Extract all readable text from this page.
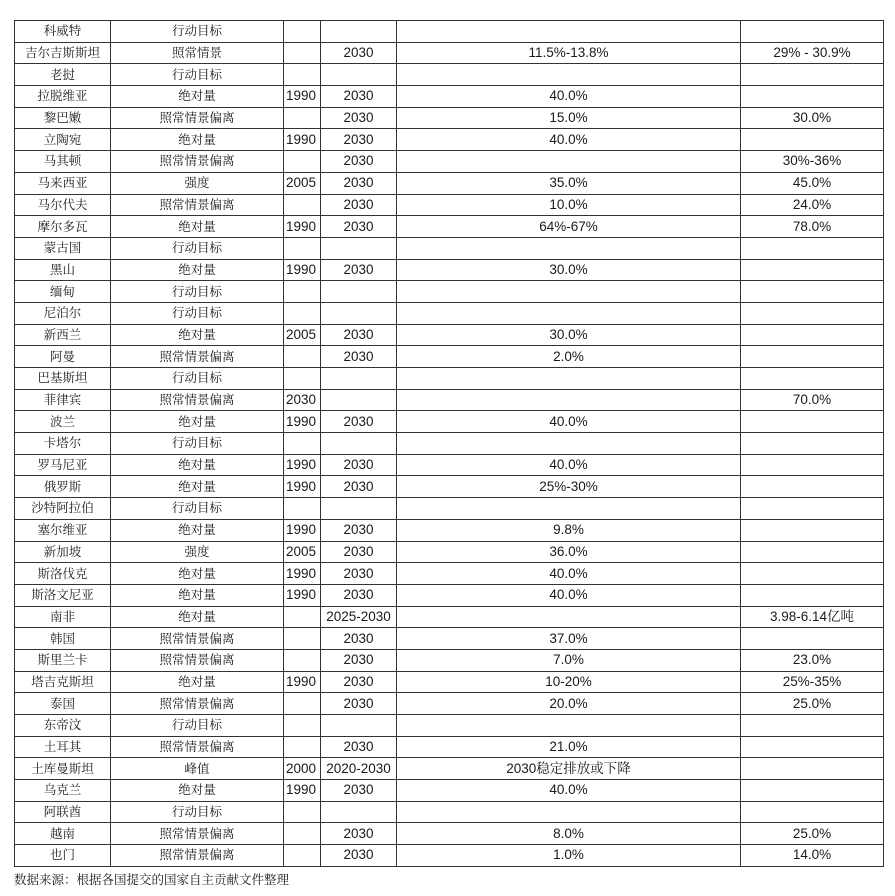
科威特	行动目标				
吉尔吉斯斯坦	照常情景		2030	11.5%-13.8%	29% - 30.9%
老挝	行动目标				
拉脱维亚	绝对量	1990	2030	40.0%	
黎巴嫩	照常情景偏离		2030	15.0%	30.0%
立陶宛	绝对量	1990	2030	40.0%	
马其顿	照常情景偏离		2030		30%-36%
马来西亚	强度	2005	2030	35.0%	45.0%
马尔代夫	照常情景偏离		2030	10.0%	24.0%
摩尔多瓦	绝对量	1990	2030	64%-67%	78.0%
蒙古国	行动目标				
黑山	绝对量	1990	2030	30.0%	
缅甸	行动目标				
尼泊尔	行动目标				
新西兰	绝对量	2005	2030	30.0%	
阿曼	照常情景偏离		2030	2.0%	
巴基斯坦	行动目标				
菲律宾	照常情景偏离	2030			70.0%
波兰	绝对量	1990	2030	40.0%	
卡塔尔	行动目标				
罗马尼亚	绝对量	1990	2030	40.0%	
俄罗斯	绝对量	1990	2030	25%-30%	
沙特阿拉伯	行动目标				
塞尔维亚	绝对量	1990	2030	9.8%	
新加坡	强度	2005	2030	36.0%	
斯洛伐克	绝对量	1990	2030	40.0%	
斯洛文尼亚	绝对量	1990	2030	40.0%	
南非	绝对量		2025-2030		3.98-6.14亿吨
韩国	照常情景偏离		2030	37.0%	
斯里兰卡	照常情景偏离		2030	7.0%	23.0%
塔吉克斯坦	绝对量	1990	2030	10-20%	25%-35%
泰国	照常情景偏离		2030	20.0%	25.0%
东帝汶	行动目标				
土耳其	照常情景偏离		2030	21.0%	
土库曼斯坦	峰值	2000	2020-2030	2030稳定排放或下降	
乌克兰	绝对量	1990	2030	40.0%	
阿联酋	行动目标				
越南	照常情景偏离		2030	8.0%	25.0%
也门	照常情景偏离		2030	1.0%	14.0%
数据来源：根据各国提交的国家自主贡献文件整理
